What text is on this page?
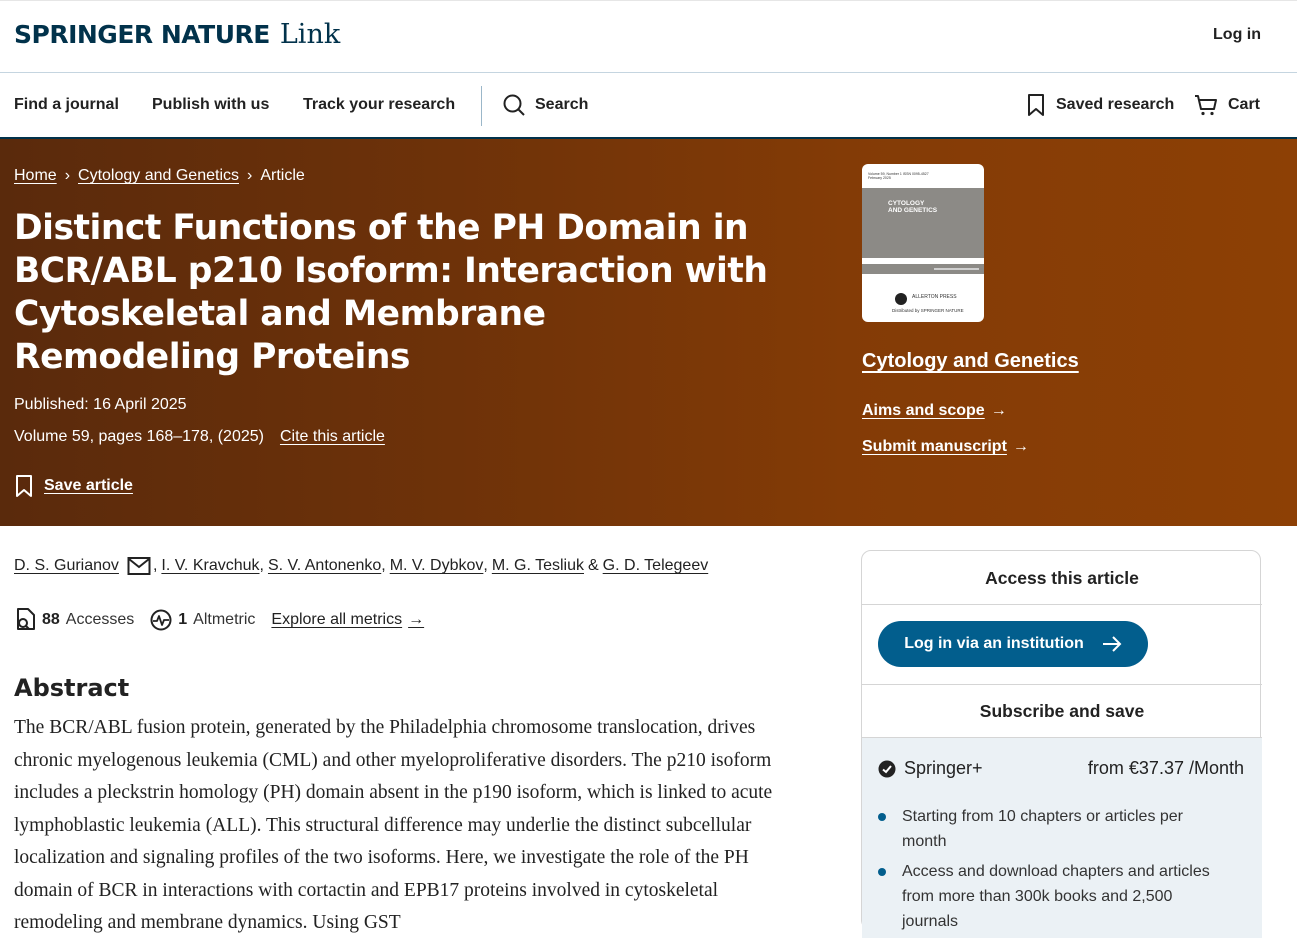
SPRINGER NATURE Link	Log in
Find a journal Publish with us Track your research	Search	Saved research	Cart
Home › Cytology and Genetics › Article
Distinct Functions of the PH Domain in BCR/ABL p210 Isoform: Interaction with Cytoskeletal and Membrane Remodeling Proteins
Published: 16 April 2025
Volume 59, pages 168–178, (2025) Cite this article
Save article
Volume 59, Number 1 ISSN 0095-4527
February 2025
CYTOLOGY AND GENETICS
ALLERTON PRESS
Distributed by SPRINGER NATURE
Cytology and Genetics
Aims and scope →
Submit manuscript →
D. S. Gurianov , I. V. Kravchuk , S. V. Antonenko , M. V. Dybkov , M. G. Tesliuk & G. D. Telegeev
88 Accesses	1 Altmetric Explore all metrics →
Abstract

The BCR/ABL fusion protein, generated by the Philadelphia chromosome translocation, drives chronic myelogenous leukemia (CML) and other myeloproliferative disorders. The p210 isoform includes a pleckstrin homology (PH) domain absent in the p190 isoform, which is linked to acute lymphoblastic leukemia (ALL). This structural difference may underlie the distinct subcellular localization and signaling profiles of the two isoforms. Here, we investigate the role of the PH domain of BCR in interactions with cortactin and EPB17 proteins involved in cytoskeletal remodeling and membrane dynamics. Using GST

Access this article
Log in via an institution
Subscribe and save
Springer+	from €37.37 /Month
Starting from 10 chapters or articles per month
Access and download chapters and articles from more than 300k books and 2,500 journals
